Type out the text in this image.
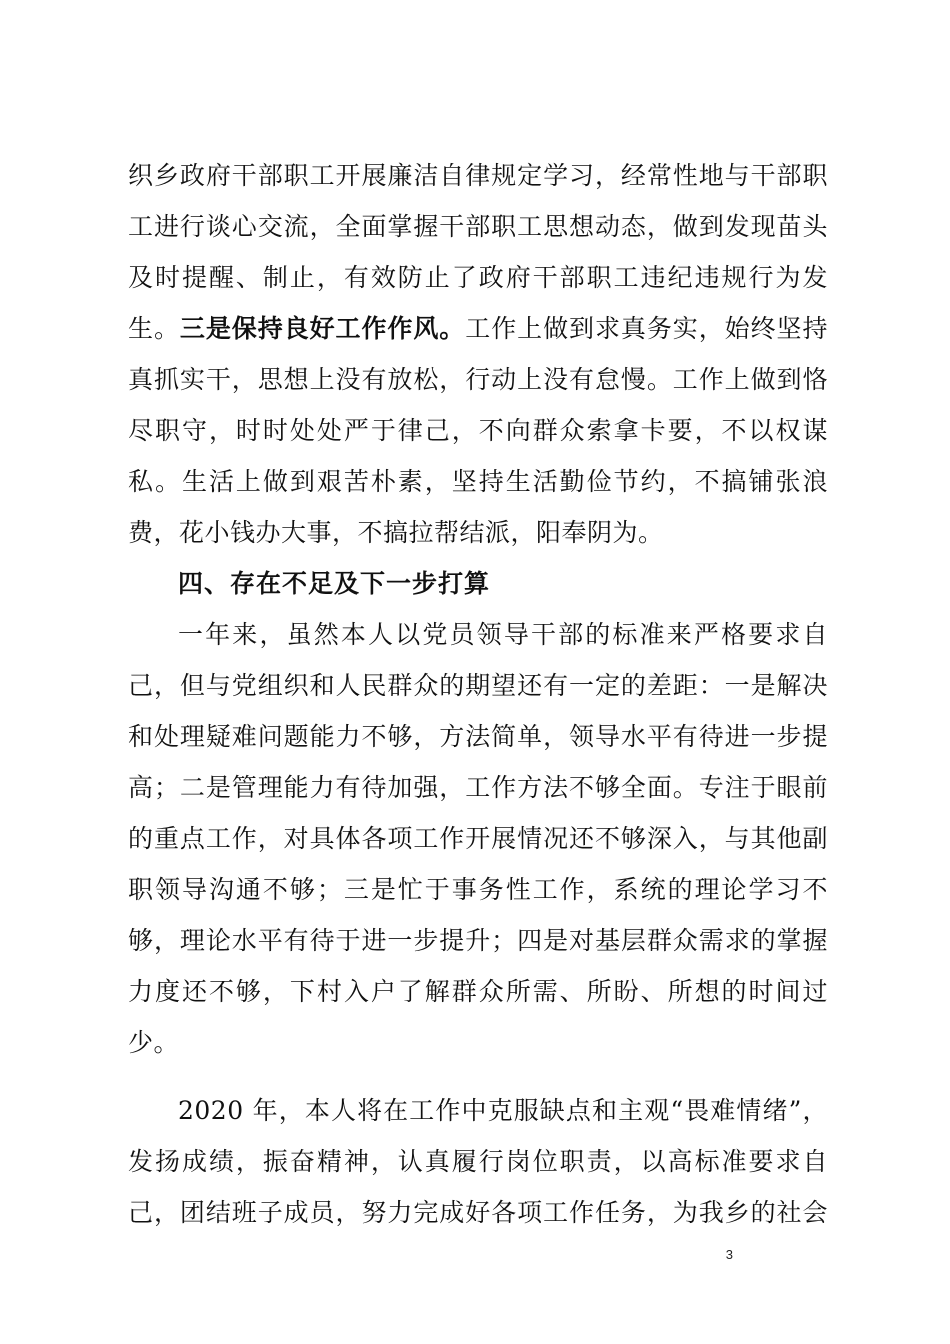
织乡政府干部职工开展廉洁自律规定学习，经常性地与干部职
工进行谈心交流，全面掌握干部职工思想动态，做到发现苗头
及时提醒、制止，有效防止了政府干部职工违纪违规行为发
生。三是保持良好工作作风。工作上做到求真务实，始终坚持
真抓实干，思想上没有放松，行动上没有怠慢。工作上做到恪
尽职守，时时处处严于律己，不向群众索拿卡要，不以权谋
私。生活上做到艰苦朴素，坚持生活勤俭节约，不搞铺张浪
费，花小钱办大事，不搞拉帮结派，阳奉阴为。
四、存在不足及下一步打算
一年来，虽然本人以党员领导干部的标准来严格要求自
己，但与党组织和人民群众的期望还有一定的差距：一是解决
和处理疑难问题能力不够，方法简单，领导水平有待进一步提
高；二是管理能力有待加强，工作方法不够全面。专注于眼前
的重点工作，对具体各项工作开展情况还不够深入，与其他副
职领导沟通不够；三是忙于事务性工作，系统的理论学习不
够，理论水平有待于进一步提升；四是对基层群众需求的掌握
力度还不够，下村入户了解群众所需、所盼、所想的时间过
少。
2020 年，本人将在工作中克服缺点和主观“畏难情绪”，
发扬成绩，振奋精神，认真履行岗位职责，以高标准要求自
己，团结班子成员，努力完成好各项工作任务，为我乡的社会
3
